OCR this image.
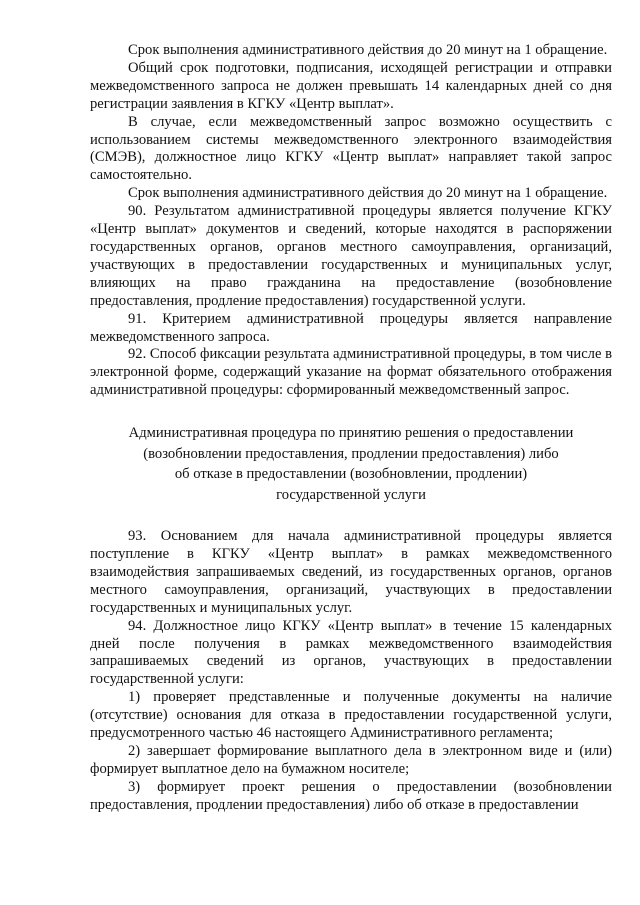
Срок выполнения административного действия до 20 минут на 1 обращение.

Общий срок подготовки, подписания, исходящей регистрации и отправки межведомственного запроса не должен превышать 14 календарных дней со дня регистрации заявления в КГКУ «Центр выплат».

В случае, если межведомственный запрос возможно осуществить с использованием системы межведомственного электронного взаимодействия (СМЭВ), должностное лицо КГКУ «Центр выплат» направляет такой запрос самостоятельно.

Срок выполнения административного действия до 20 минут на 1 обращение.

90. Результатом административной процедуры является получение КГКУ «Центр выплат» документов и сведений, которые находятся в распоряжении государственных органов, органов местного самоуправления, организаций, участвующих в предоставлении государственных и муниципальных услуг, влияющих на право гражданина на предоставление (возобновление предоставления, продление предоставления) государственной услуги.

91. Критерием административной процедуры является направление межведомственного запроса.

92. Способ фиксации результата административной процедуры, в том числе в электронной форме, содержащий указание на формат обязательного отображения административной процедуры: сформированный межведомственный запрос.

Административная процедура по принятию решения о предоставлении
(возобновлении предоставления, продлении предоставления) либо
об отказе в предоставлении (возобновлении, продлении)
государственной услуги

93. Основанием для начала административной процедуры является поступление в КГКУ «Центр выплат» в рамках межведомственного взаимодействия запрашиваемых сведений, из государственных органов, органов местного самоуправления, организаций, участвующих в предоставлении государственных и муниципальных услуг.

94. Должностное лицо КГКУ «Центр выплат» в течение 15 календарных дней после получения в рамках межведомственного взаимодействия запрашиваемых сведений из органов, участвующих в предоставлении государственной услуги:

1) проверяет представленные и полученные документы на наличие (отсутствие) основания для отказа в предоставлении государственной услуги, предусмотренного частью 46 настоящего Административного регламента;

2) завершает формирование выплатного дела в электронном виде и (или) формирует выплатное дело на бумажном носителе;

3) формирует проект решения о предоставлении (возобновлении предоставления, продлении предоставления) либо об отказе в предоставлении
